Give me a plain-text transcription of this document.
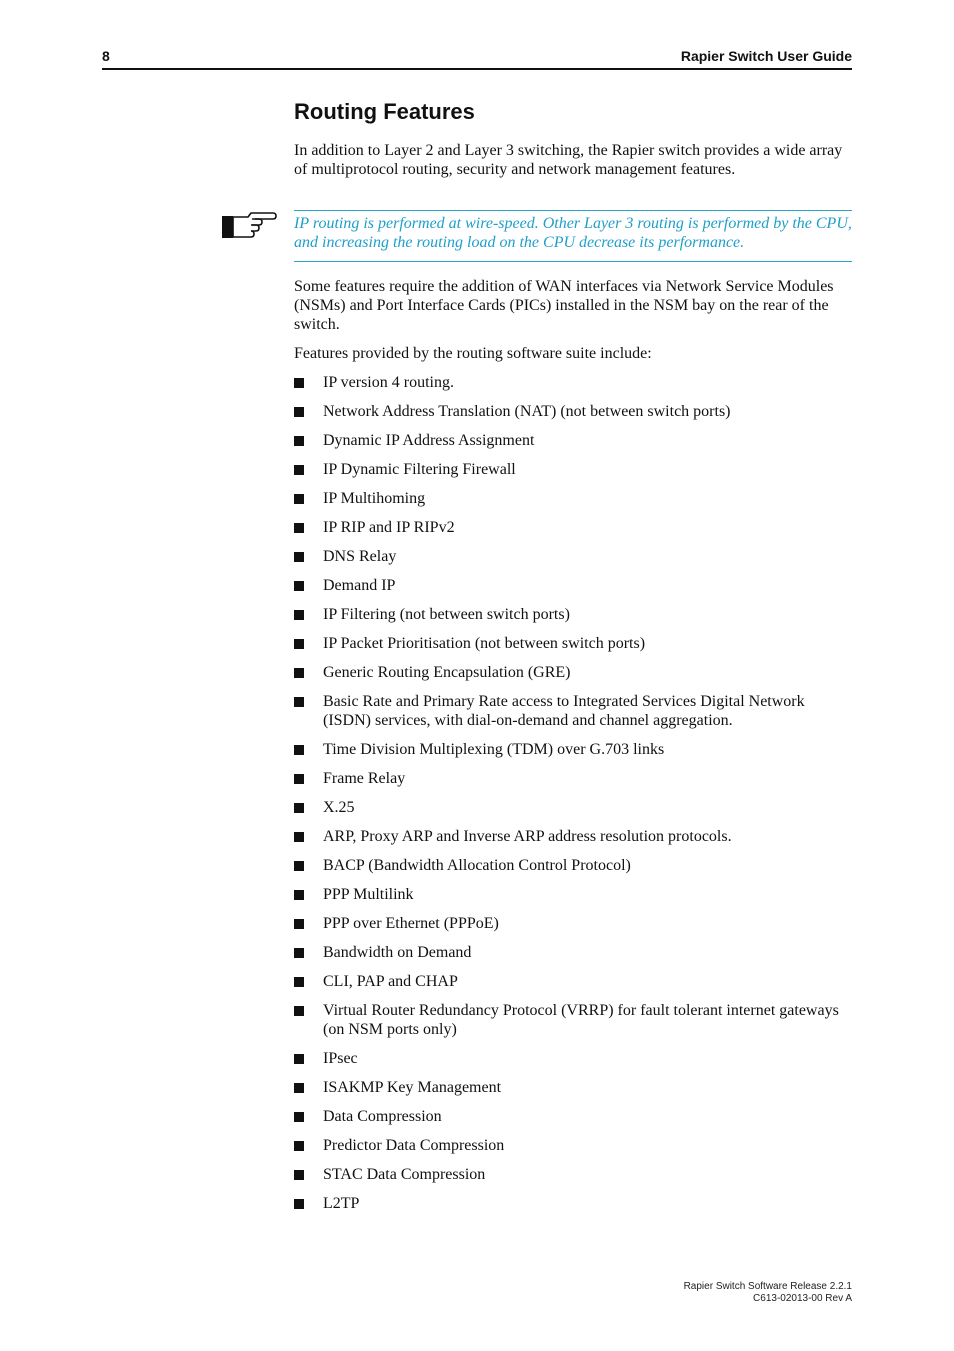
8	Rapier Switch User Guide
Routing Features

In addition to Layer 2 and Layer 3 switching, the Rapier switch provides a wide array of multiprotocol routing, security and network management features.

IP routing is performed at wire-speed. Other Layer 3 routing is performed by the CPU, and increasing the routing load on the CPU decrease its performance.

Some features require the addition of WAN interfaces via Network Service Modules (NSMs) and Port Interface Cards (PICs) installed in the NSM bay on the rear of the switch.

Features provided by the routing software suite include:

IP version 4 routing.
Network Address Translation (NAT) (not between switch ports)
Dynamic IP Address Assignment
IP Dynamic Filtering Firewall
IP Multihoming
IP RIP and IP RIPv2
DNS Relay
Demand IP
IP Filtering (not between switch ports)
IP Packet Prioritisation (not between switch ports)
Generic Routing Encapsulation (GRE)
Basic Rate and Primary Rate access to Integrated Services Digital Network (ISDN) services, with dial-on-demand and channel aggregation.
Time Division Multiplexing (TDM) over G.703 links
Frame Relay
X.25
ARP, Proxy ARP and Inverse ARP address resolution protocols.
BACP (Bandwidth Allocation Control Protocol)
PPP Multilink
PPP over Ethernet (PPPoE)
Bandwidth on Demand
CLI, PAP and CHAP
Virtual Router Redundancy Protocol (VRRP) for fault tolerant internet gateways (on NSM ports only)
IPsec
ISAKMP Key Management
Data Compression
Predictor Data Compression
STAC Data Compression
L2TP
Rapier Switch Software Release 2.2.1
C613-02013-00 Rev A
